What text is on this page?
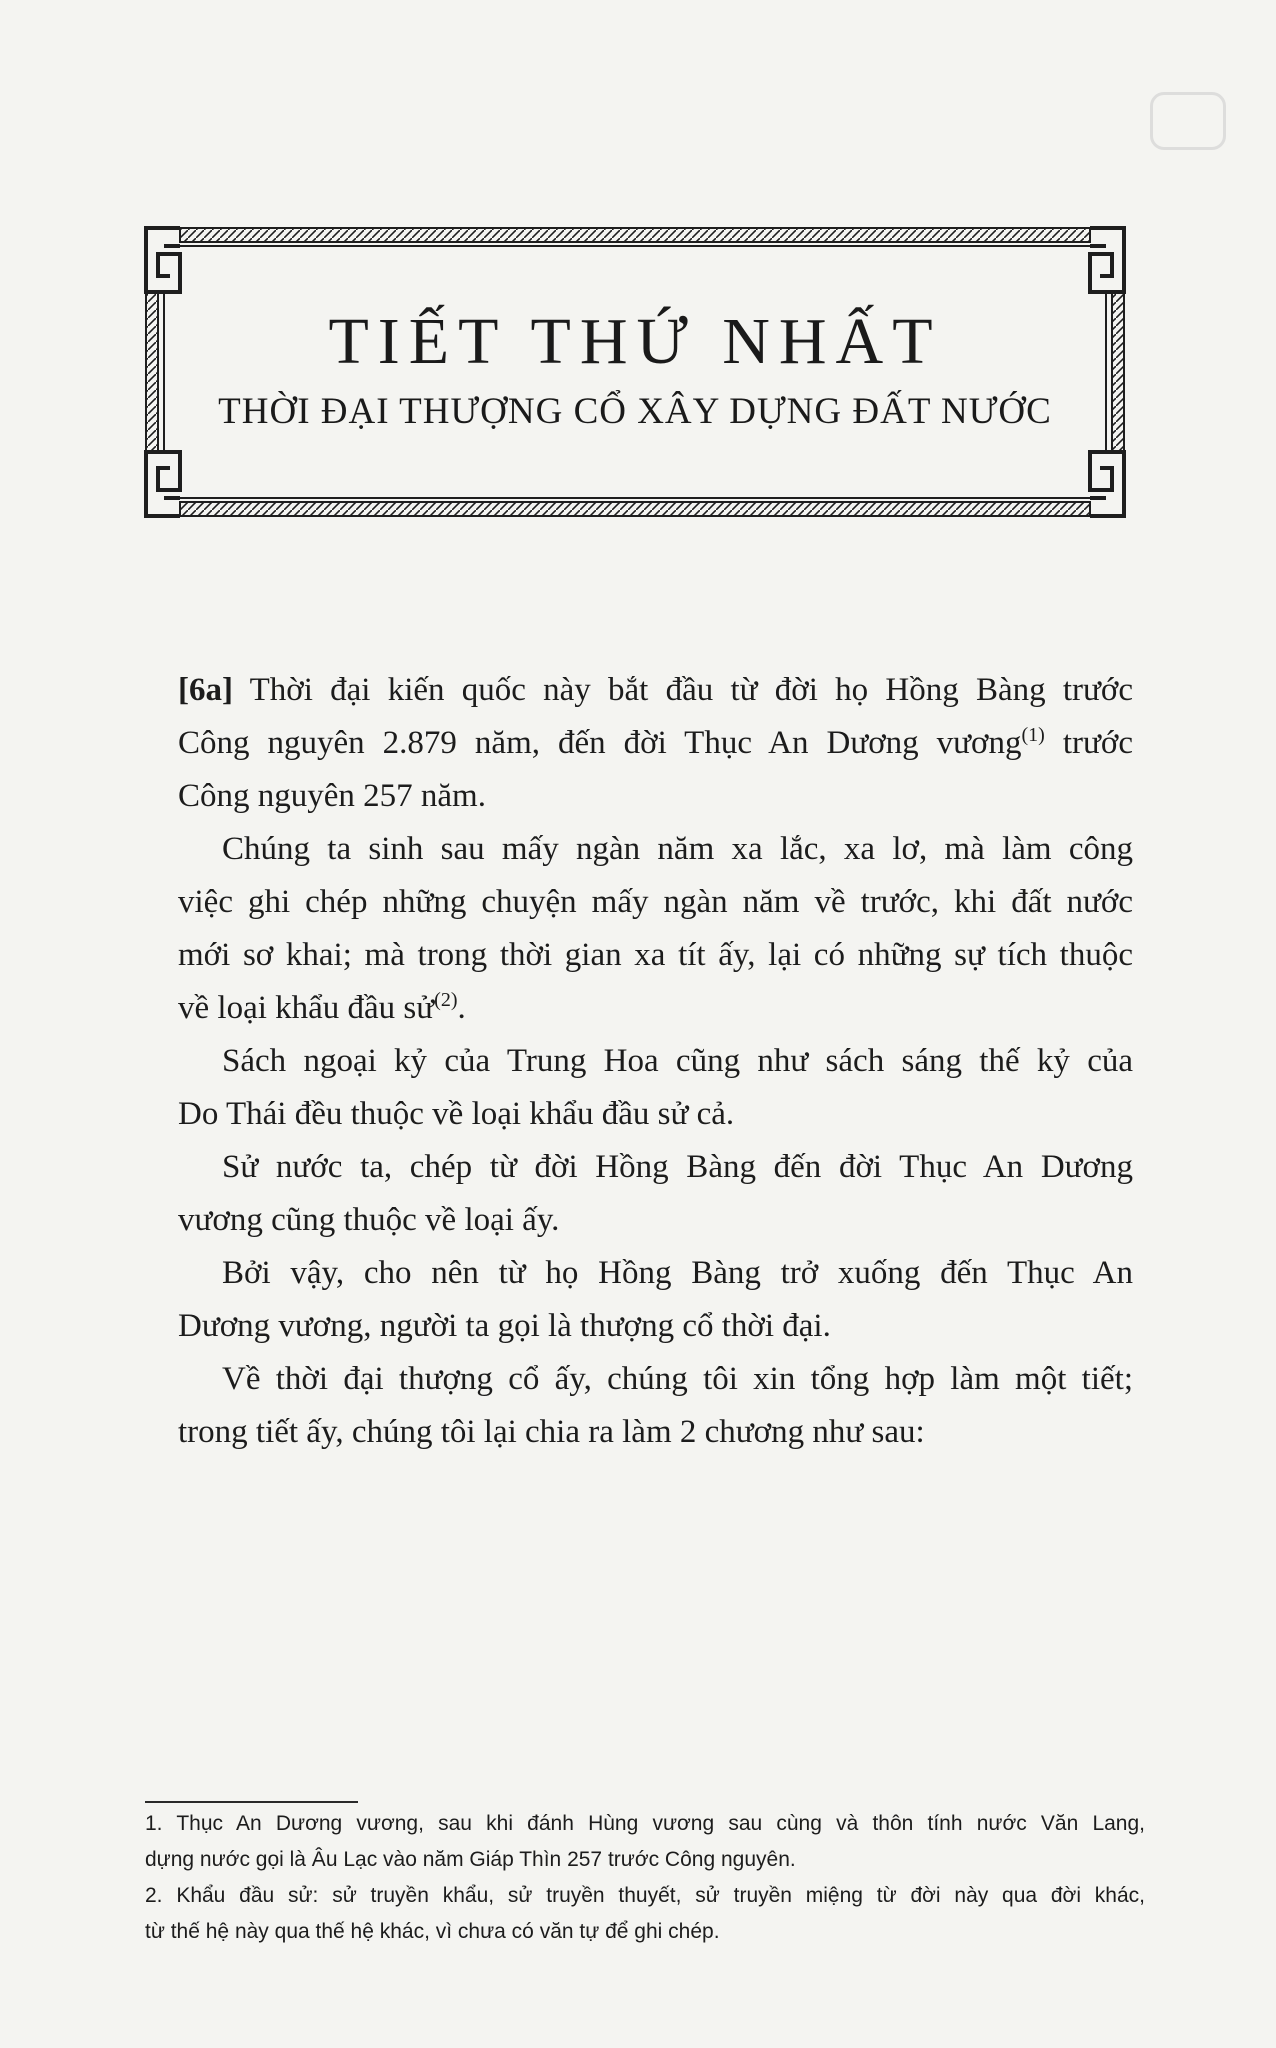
TIẾT THỨ NHẤT
THỜI ĐẠI THƯỢNG CỔ XÂY DỰNG ĐẤT NƯỚC
[6a] Thời đại kiến quốc này bắt đầu từ đời họ Hồng Bàng trước
Công nguyên 2.879 năm, đến đời Thục An Dương vương$^{(1)}$ trước
Công nguyên 257 năm.
Chúng ta sinh sau mấy ngàn năm xa lắc, xa lơ, mà làm công
việc ghi chép những chuyện mấy ngàn năm về trước, khi đất nước
mới sơ khai; mà trong thời gian xa tít ấy, lại có những sự tích thuộc
về loại khẩu đầu sử$^{(2)}$.
Sách ngoại kỷ của Trung Hoa cũng như sách sáng thế kỷ của
Do Thái đều thuộc về loại khẩu đầu sử cả.
Sử nước ta, chép từ đời Hồng Bàng đến đời Thục An Dương
vương cũng thuộc về loại ấy.
Bởi vậy, cho nên từ họ Hồng Bàng trở xuống đến Thục An
Dương vương, người ta gọi là thượng cổ thời đại.
Về thời đại thượng cổ ấy, chúng tôi xin tổng hợp làm một tiết;
trong tiết ấy, chúng tôi lại chia ra làm 2 chương như sau:
1. Thục An Dương vương, sau khi đánh Hùng vương sau cùng và thôn tính nước Văn Lang,
dựng nước gọi là Âu Lạc vào năm Giáp Thìn 257 trước Công nguyên.
2. Khẩu đầu sử: sử truyền khẩu, sử truyền thuyết, sử truyền miệng từ đời này qua đời khác,
từ thế hệ này qua thế hệ khác, vì chưa có văn tự để ghi chép.
